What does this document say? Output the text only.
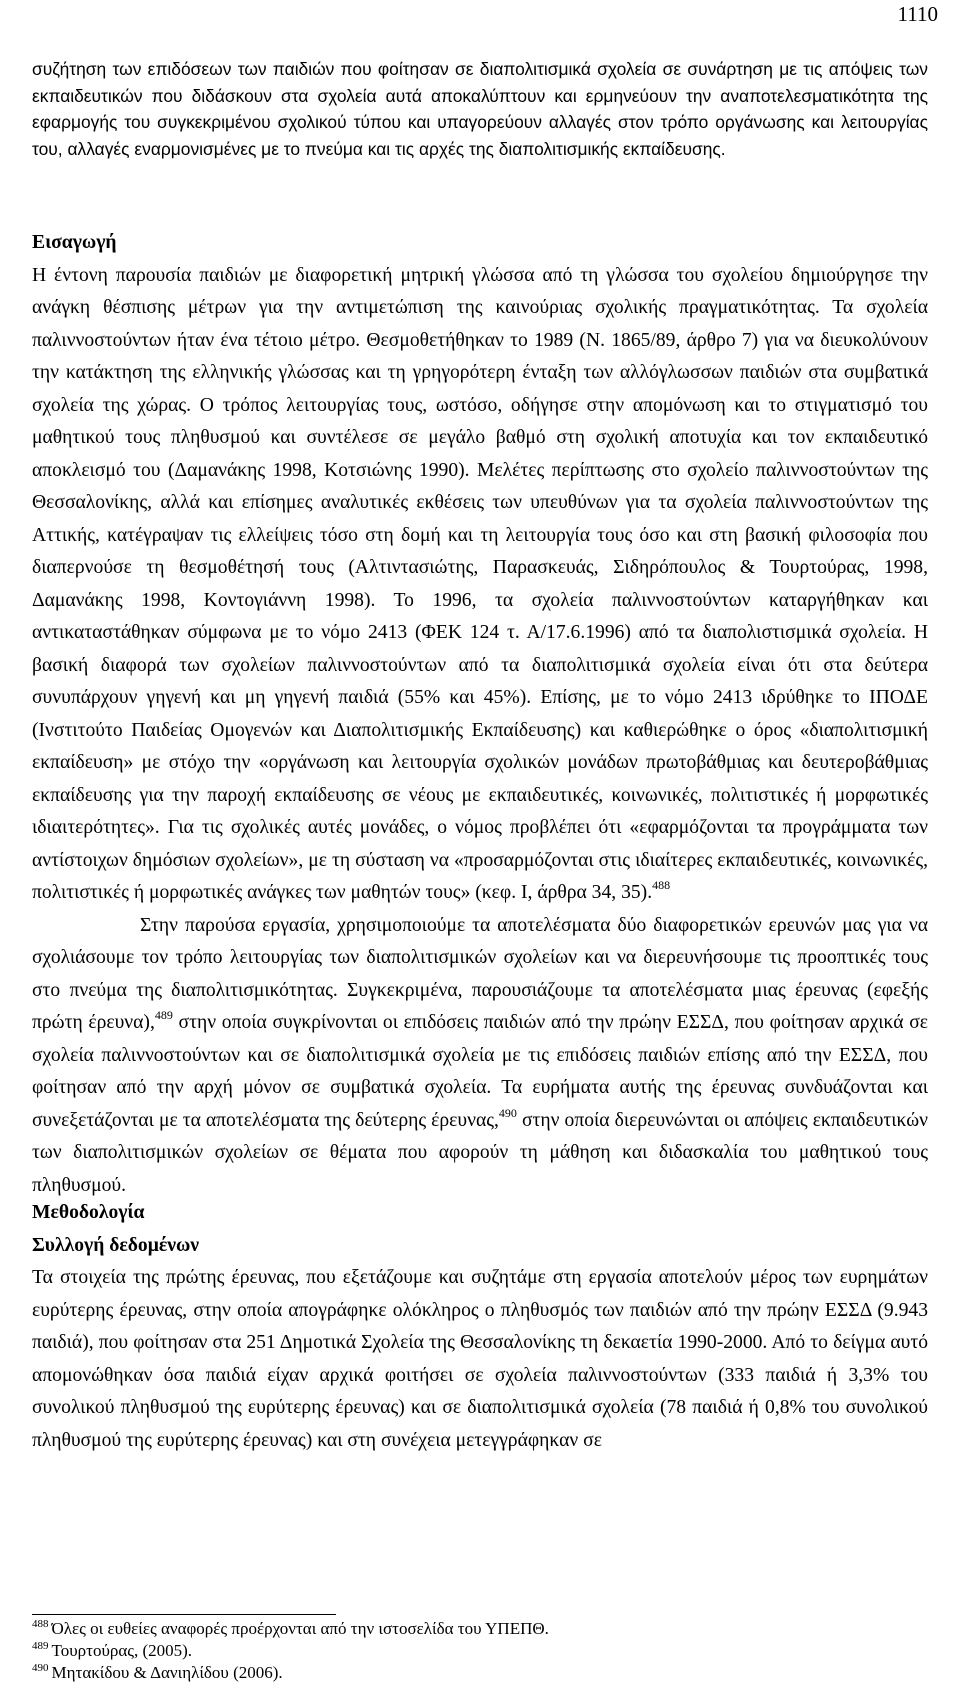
1110

συζήτηση των επιδόσεων των παιδιών που φοίτησαν σε διαπολιτισμικά σχολεία σε συνάρτηση με τις απόψεις των εκπαιδευτικών που διδάσκουν στα σχολεία αυτά αποκαλύπτουν και ερμηνεύουν την αναποτελεσματικότητα της εφαρμογής του συγκεκριμένου σχολικού τύπου και υπαγορεύουν αλλαγές στον τρόπο οργάνωσης και λειτουργίας του, αλλαγές εναρμονισμένες με το πνεύμα και τις αρχές της διαπολιτισμικής εκπαίδευσης.

Εισαγωγή

Η έντονη παρουσία παιδιών με διαφορετική μητρική γλώσσα από τη γλώσσα του σχολείου δημιούργησε την ανάγκη θέσπισης μέτρων για την αντιμετώπιση της καινούριας σχολικής πραγματικότητας. Τα σχολεία παλιννοστούντων ήταν ένα τέτοιο μέτρο. Θεσμοθετήθηκαν το 1989 (Ν. 1865/89, άρθρο 7) για να διευκολύνουν την κατάκτηση της ελληνικής γλώσσας και τη γρηγορότερη ένταξη των αλλόγλωσσων παιδιών στα συμβατικά σχολεία της χώρας. Ο τρόπος λειτουργίας τους, ωστόσο, οδήγησε στην απομόνωση και το στιγματισμό του μαθητικού τους πληθυσμού και συντέλεσε σε μεγάλο βαθμό στη σχολική αποτυχία και τον εκπαιδευτικό αποκλεισμό του (Δαμανάκης 1998, Κοτσιώνης 1990). Μελέτες περίπτωσης στο σχολείο παλιννοστούντων της Θεσσαλονίκης, αλλά και επίσημες αναλυτικές εκθέσεις των υπευθύνων για τα σχολεία παλιννοστούντων της Αττικής, κατέγραψαν τις ελλείψεις τόσο στη δομή και τη λειτουργία τους όσο και στη βασική φιλοσοφία που διαπερνούσε τη θεσμοθέτησή τους (Αλτιντασιώτης, Παρασκευάς, Σιδηρόπουλος & Τουρτούρας, 1998, Δαμανάκης 1998, Κοντογιάννη 1998). Το 1996, τα σχολεία παλιννοστούντων καταργήθηκαν και αντικαταστάθηκαν σύμφωνα με το νόμο 2413 (ΦΕΚ 124 τ. Α/17.6.1996) από τα διαπολιστισμικά σχολεία. Η βασική διαφορά των σχολείων παλιννοστούντων από τα διαπολιτισμικά σχολεία είναι ότι στα δεύτερα συνυπάρχουν γηγενή και μη γηγενή παιδιά (55% και 45%). Επίσης, με το νόμο 2413 ιδρύθηκε το ΙΠΟΔΕ (Ινστιτούτο Παιδείας Ομογενών και Διαπολιτισμικής Εκπαίδευσης) και καθιερώθηκε ο όρος «διαπολιτισμική εκπαίδευση» με στόχο την «οργάνωση και λειτουργία σχολικών μονάδων πρωτοβάθμιας και δευτεροβάθμιας εκπαίδευσης για την παροχή εκπαίδευσης σε νέους με εκπαιδευτικές, κοινωνικές, πολιτιστικές ή μορφωτικές ιδιαιτερότητες». Για τις σχολικές αυτές μονάδες, ο νόμος προβλέπει ότι «εφαρμόζονται τα προγράμματα των αντίστοιχων δημόσιων σχολείων», με τη σύσταση να «προσαρμόζονται στις ιδιαίτερες εκπαιδευτικές, κοινωνικές, πολιτιστικές ή μορφωτικές ανάγκες των μαθητών τους» (κεφ. Ι, άρθρα 34, 35).$^{488}$

Στην παρούσα εργασία, χρησιμοποιούμε τα αποτελέσματα δύο διαφορετικών ερευνών μας για να σχολιάσουμε τον τρόπο λειτουργίας των διαπολιτισμικών σχολείων και να διερευνήσουμε τις προοπτικές τους στο πνεύμα της διαπολιτισμικότητας. Συγκεκριμένα, παρουσιάζουμε τα αποτελέσματα μιας έρευνας (εφεξής πρώτη έρευνα),$^{489}$ στην οποία συγκρίνονται οι επιδόσεις παιδιών από την πρώην ΕΣΣΔ, που φοίτησαν αρχικά σε σχολεία παλιννοστούντων και σε διαπολιτισμικά σχολεία με τις επιδόσεις παιδιών επίσης από την ΕΣΣΔ, που φοίτησαν από την αρχή μόνον σε συμβατικά σχολεία. Τα ευρήματα αυτής της έρευνας συνδυάζονται και συνεξετάζονται με τα αποτελέσματα της δεύτερης έρευνας,$^{490}$ στην οποία διερευνώνται οι απόψεις εκπαιδευτικών των διαπολιτισμικών σχολείων σε θέματα που αφορούν τη μάθηση και διδασκαλία του μαθητικού τους πληθυσμού.

Μεθοδολογία
Συλλογή δεδομένων

Τα στοιχεία της πρώτης έρευνας, που εξετάζουμε και συζητάμε στη εργασία αποτελούν μέρος των ευρημάτων ευρύτερης έρευνας, στην οποία απογράφηκε ολόκληρος ο πληθυσμός των παιδιών από την πρώην ΕΣΣΔ (9.943 παιδιά), που φοίτησαν στα 251 Δημοτικά Σχολεία της Θεσσαλονίκης τη δεκαετία 1990-2000. Από το δείγμα αυτό απομονώθηκαν όσα παιδιά είχαν αρχικά φοιτήσει σε σχολεία παλιννοστούντων (333 παιδιά ή 3,3% του συνολικού πληθυσμού της ευρύτερης έρευνας) και σε διαπολιτισμικά σχολεία (78 παιδιά ή 0,8% του συνολικού πληθυσμού της ευρύτερης έρευνας) και στη συνέχεια μετεγγράφηκαν σε

$^{488}$ Όλες οι ευθείες αναφορές προέρχονται από την ιστοσελίδα του ΥΠΕΠΘ.
$^{489}$ Τουρτούρας, (2005).
$^{490}$ Μητακίδου & Δανιηλίδου (2006).
